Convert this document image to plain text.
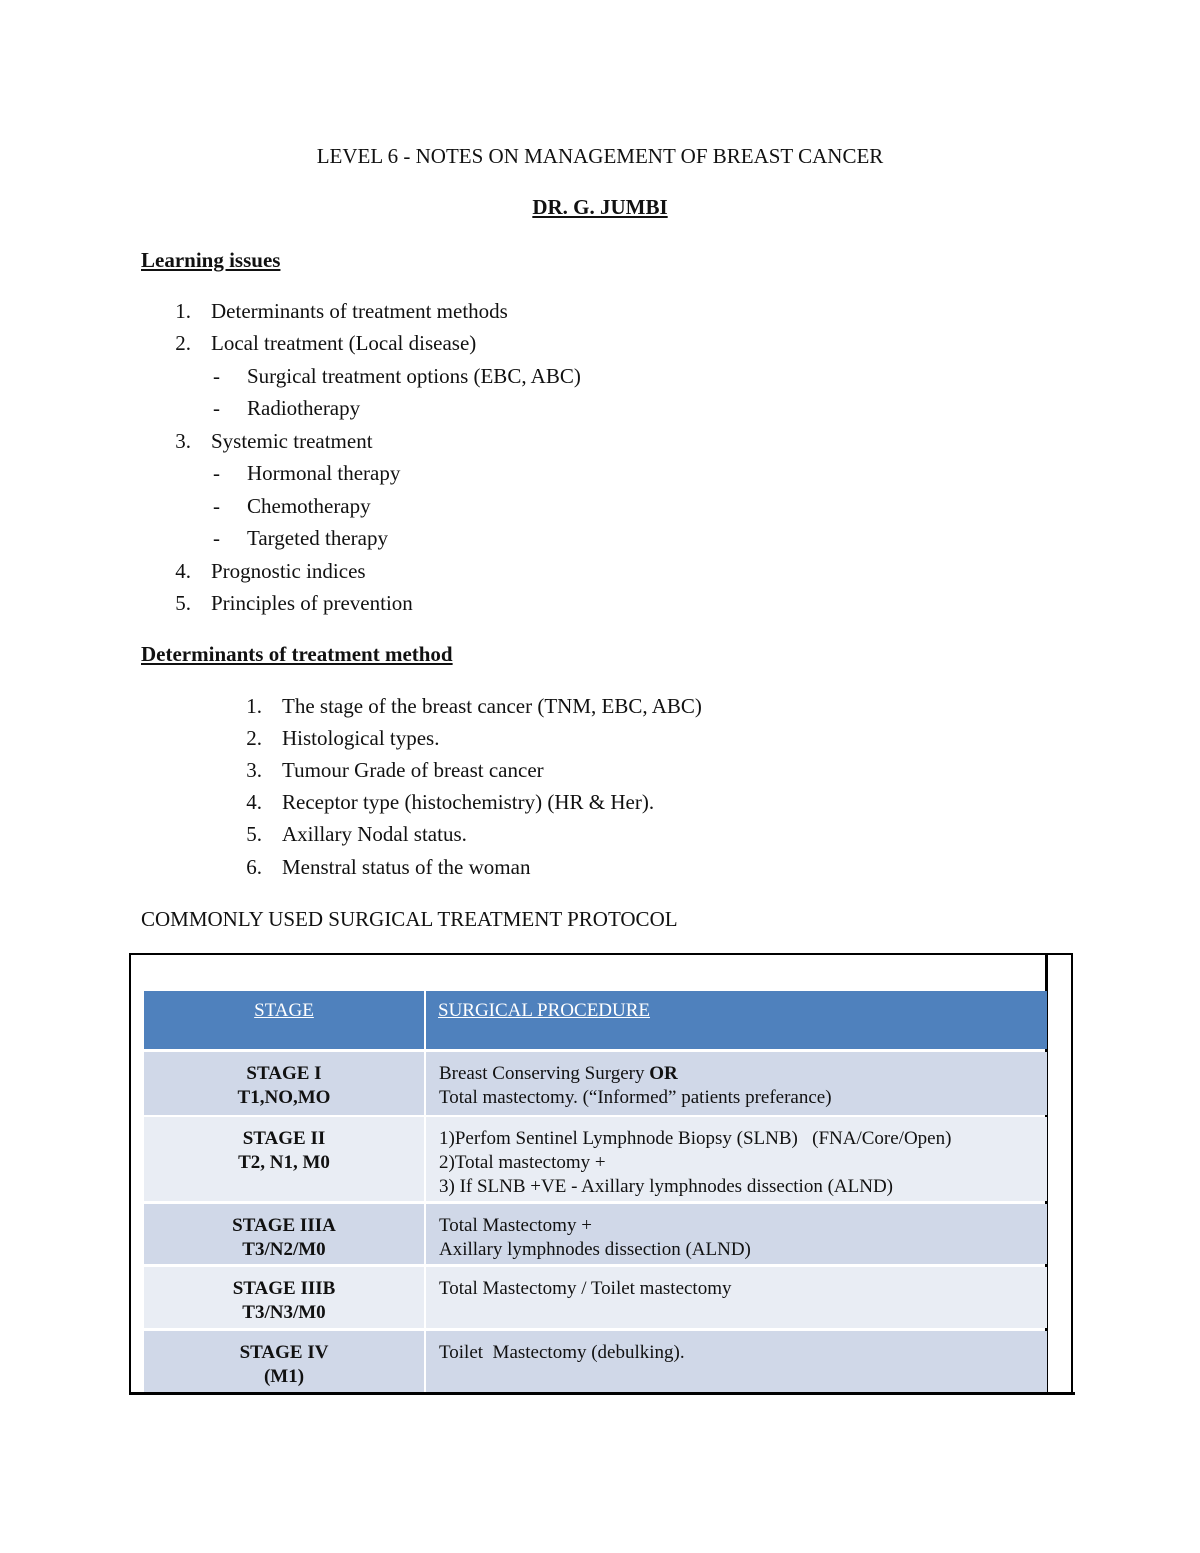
LEVEL 6 - NOTES ON MANAGEMENT OF BREAST CANCER
DR. G. JUMBI
Learning issues
1. Determinants of treatment methods
2. Local treatment (Local disease)
- Surgical treatment options (EBC, ABC)
- Radiotherapy
3. Systemic treatment
- Hormonal therapy
- Chemotherapy
- Targeted therapy
4. Prognostic indices
5. Principles of prevention
Determinants of treatment method
1. The stage of the breast cancer (TNM, EBC, ABC)
2. Histological types.
3. Tumour Grade of breast cancer
4. Receptor type (histochemistry) (HR & Her).
5. Axillary Nodal status.
6. Menstral status of the woman
COMMONLY USED SURGICAL TREATMENT PROTOCOL
STAGE	SURGICAL PROCEDURE
STAGE I
T1,NO,MO
Breast Conserving Surgery OR
Total mastectomy. (“Informed” patients preferance)
STAGE II
T2, N1, M0
1)Perfom Sentinel Lymphnode Biopsy (SLNB)   (FNA/Core/Open)
2)Total mastectomy +
3) If SLNB +VE - Axillary lymphnodes dissection (ALND)
STAGE IIIA
T3/N2/M0
Total Mastectomy +
Axillary lymphnodes dissection (ALND)
STAGE IIIB
T3/N3/M0
Total Mastectomy / Toilet mastectomy
STAGE IV
(M1)
Toilet  Mastectomy (debulking).
